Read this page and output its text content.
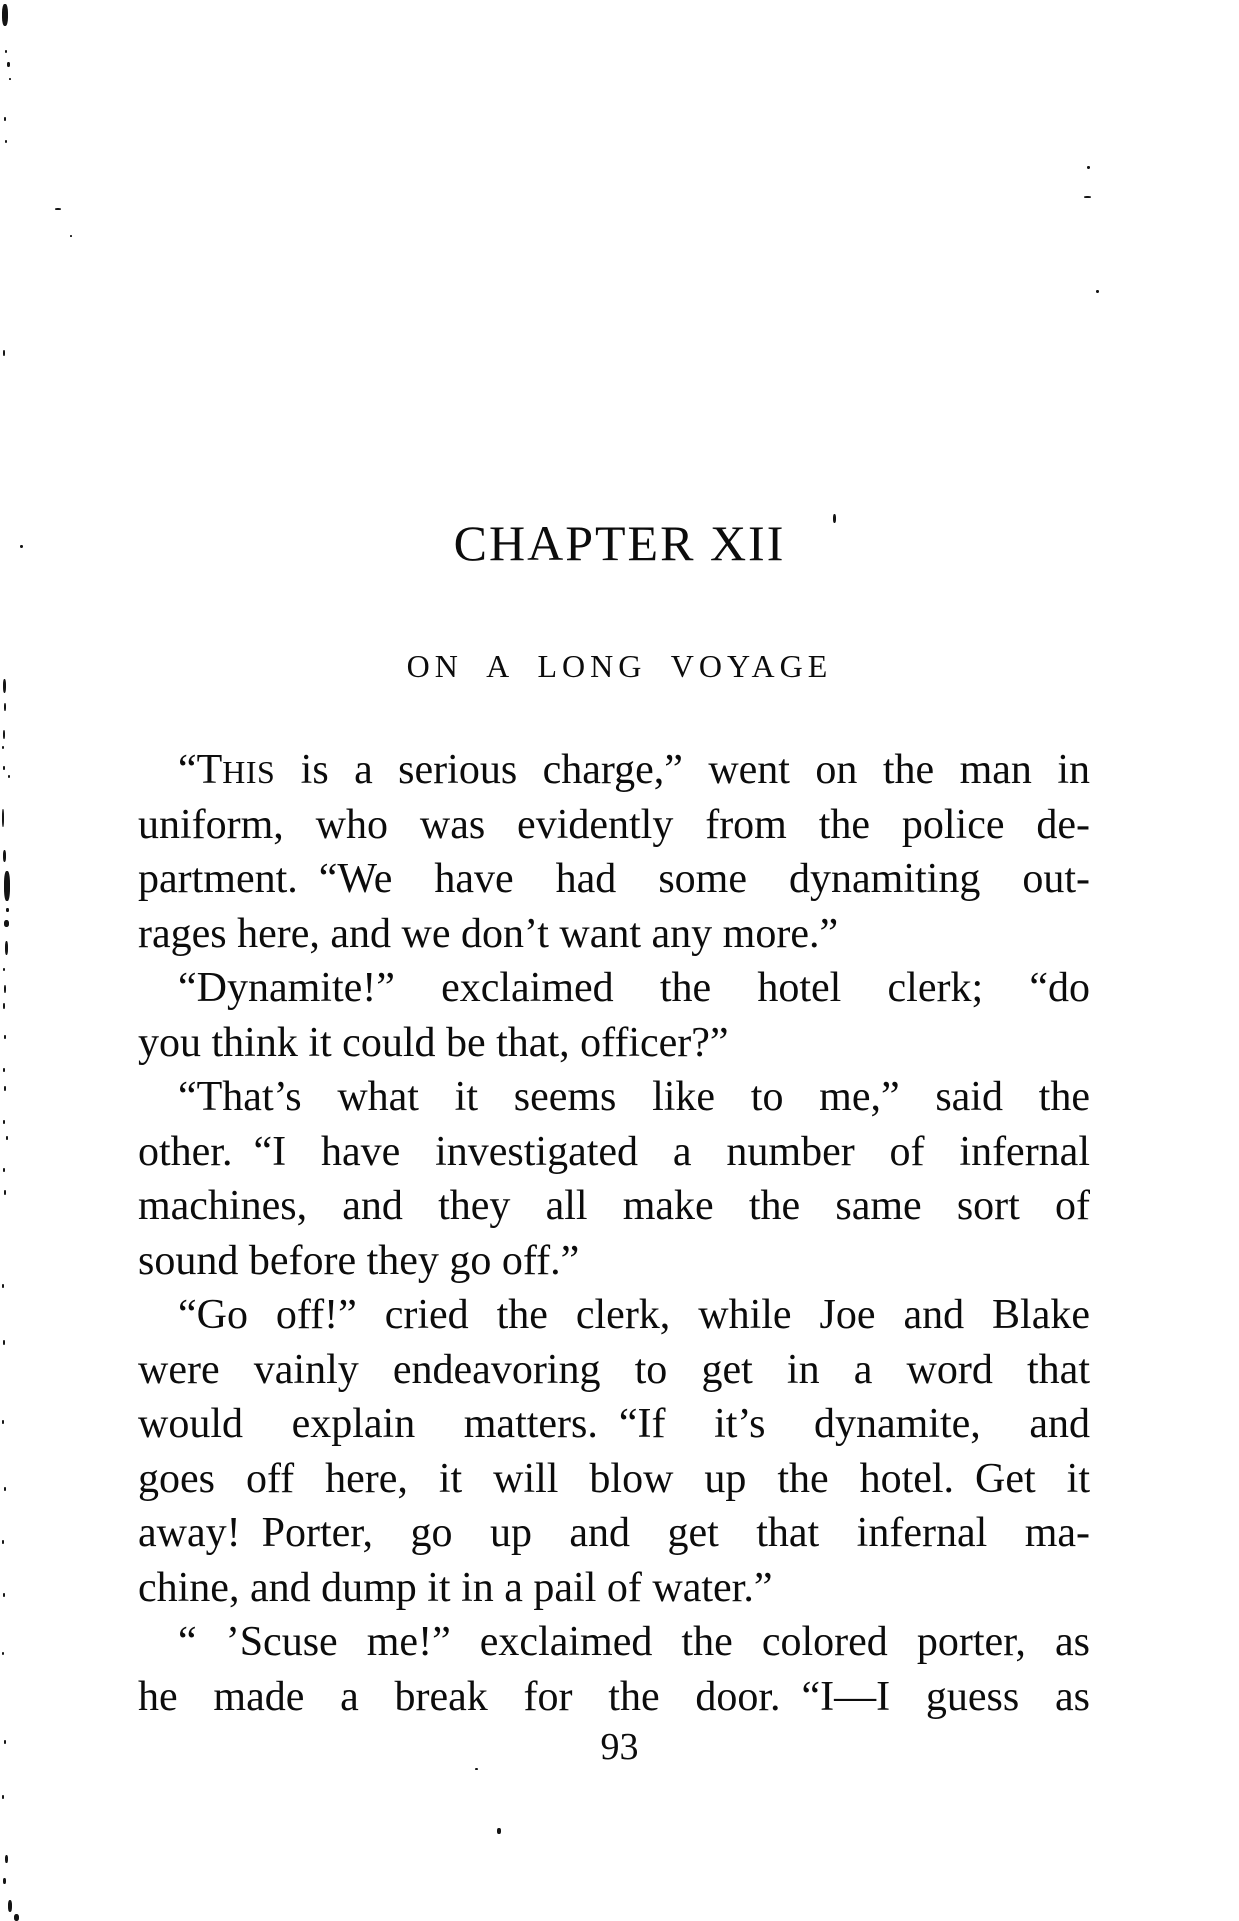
CHAPTER XII
ON A LONG VOYAGE
“THIS is a serious charge,” went on the man in
uniform, who was evidently from the police de-
partment. “We have had some dynamiting out-
rages here, and we don’t want any more.”
“Dynamite!” exclaimed the hotel clerk; “do
you think it could be that, officer?”
“That’s what it seems like to me,” said the
other. “I have investigated a number of infernal
machines, and they all make the same sort of
sound before they go off.”
“Go off!” cried the clerk, while Joe and Blake
were vainly endeavoring to get in a word that
would explain matters. “If it’s dynamite, and
goes off here, it will blow up the hotel. Get it
away! Porter, go up and get that infernal ma-
chine, and dump it in a pail of water.”
“ ’Scuse me!” exclaimed the colored porter, as
he made a break for the door. “I—I guess as
93
